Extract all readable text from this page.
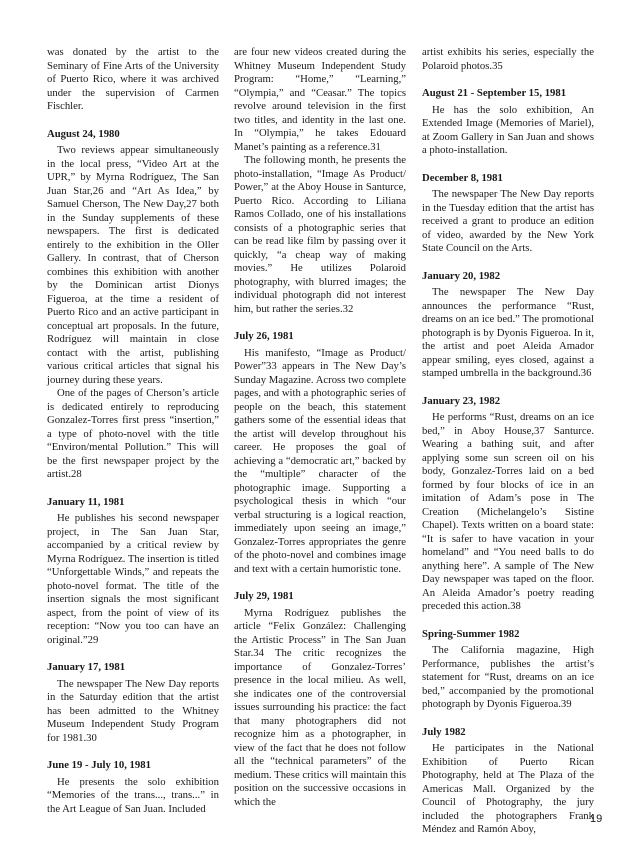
was donated by the artist to the Seminary of Fine Arts of the University of Puerto Rico, where it was archived under the supervision of Carmen Fischler.

August 24, 1980

Two reviews appear simultaneously in the local press, “Video Art at the UPR,” by Myrna Rodríguez, The San Juan Star,26 and “Art As Idea,” by Samuel Cherson, The New Day,27 both in the Sunday supplements of these newspapers. The first is dedicated entirely to the exhibition in the Oller Gallery. In contrast, that of Cherson combines this exhibition with another by the Dominican artist Dionys Figueroa, at the time a resident of Puerto Rico and an active participant in conceptual art proposals. In the future, Rodríguez will maintain in close contact with the artist, publishing various critical articles that signal his journey during these years.

One of the pages of Cherson’s article is dedicated entirely to reproducing Gonzalez-Torres first press “insertion,” a type of photo-novel with the title “Environ/mental Pollution.” This will be the first newspaper project by the artist.28

January 11, 1981

He publishes his second newspaper project, in The San Juan Star, accompanied by a critical review by Myrna Rodríguez. The insertion is titled “Unforgettable Winds,” and repeats the photo-novel format. The title of the insertion signals the most significant aspect, from the point of view of its reception: “Now you too can have an original.”29

January 17, 1981

The newspaper The New Day reports in the Saturday edition that the artist has been admitted to the Whitney Museum Independent Study Program for 1981.30

June 19 - July 10, 1981

He presents the solo exhibition “Memories of the trans..., trans...” in the Art League of San Juan. Included

are four new videos created during the Whitney Museum Independent Study Program: “Home,” “Learning,” “Olympia,” and “Ceasar.” The topics revolve around television in the first two titles, and identity in the last one. In “Olympia,” he takes Edouard Manet’s painting as a reference.31

The following month, he presents the photo-installation, “Image As Product/ Power,” at the Aboy House in Santurce, Puerto Rico. According to Liliana Ramos Collado, one of his installations consists of a photographic series that can be read like film by passing over it quickly, “a cheap way of making movies.” He utilizes Polaroid photography, with blurred images; the individual photograph did not interest him, but rather the series.32

July 26, 1981

His manifesto, “Image as Product/ Power”33 appears in The New Day’s Sunday Magazine. Across two complete pages, and with a photographic series of people on the beach, this statement gathers some of the essential ideas that the artist will develop throughout his career. He proposes the goal of achieving a “democratic art,” backed by the “multiple” character of the photographic image. Supporting a psychological thesis in which “our verbal structuring is a logical reaction, immediately upon seeing an image,” Gonzalez-Torres appropriates the genre of the photo-novel and combines image and text with a certain humoristic tone.

July 29, 1981

Myrna Rodríguez publishes the article “Felix González: Challenging the Artistic Process” in The San Juan Star.34 The critic recognizes the importance of Gonzalez-Torres’ presence in the local milieu. As well, she indicates one of the controversial issues surrounding his practice: the fact that many photographers did not recognize him as a photographer, in view of the fact that he does not follow all the “technical parameters” of the medium. These critics will maintain this position on the successive occasions in which the

artist exhibits his series, especially the Polaroid photos.35

August 21 - September 15, 1981

He has the solo exhibition, An Extended Image (Memories of Mariel), at Zoom Gallery in San Juan and shows a photo-installation.

December 8, 1981

The newspaper The New Day reports in the Tuesday edition that the artist has received a grant to produce an edition of video, awarded by the New York State Council on the Arts.

January 20, 1982

The newspaper The New Day announces the performance “Rust, dreams on an ice bed.” The promotional photograph is by Dyonis Figueroa. In it, the artist and poet Aleida Amador appear smiling, eyes closed, against a stamped umbrella in the background.36

January 23, 1982

He performs “Rust, dreams on an ice bed,” in Aboy House,37 Santurce. Wearing a bathing suit, and after applying some sun screen oil on his body, Gonzalez-Torres laid on a bed formed by four blocks of ice in an imitation of Adam’s pose in The Creation (Michelangelo’s Sistine Chapel). Texts written on a board state: “It is safer to have vacation in your homeland” and “You need balls to do anything here”. A sample of The New Day newspaper was taped on the floor. An Aleida Amador’s poetry reading preceded this action.38

Spring-Summer 1982

The California magazine, High Performance, publishes the artist’s statement for “Rust, dreams on an ice bed,” accompanied by the promotional photograph by Dyonis Figueroa.39

July 1982

He participates in the National Exhibition of Puerto Rican Photography, held at The Plaza of the Americas Mall. Organized by the Council of Photography, the jury included the photographers Frank Méndez and Ramón Aboy,

19
